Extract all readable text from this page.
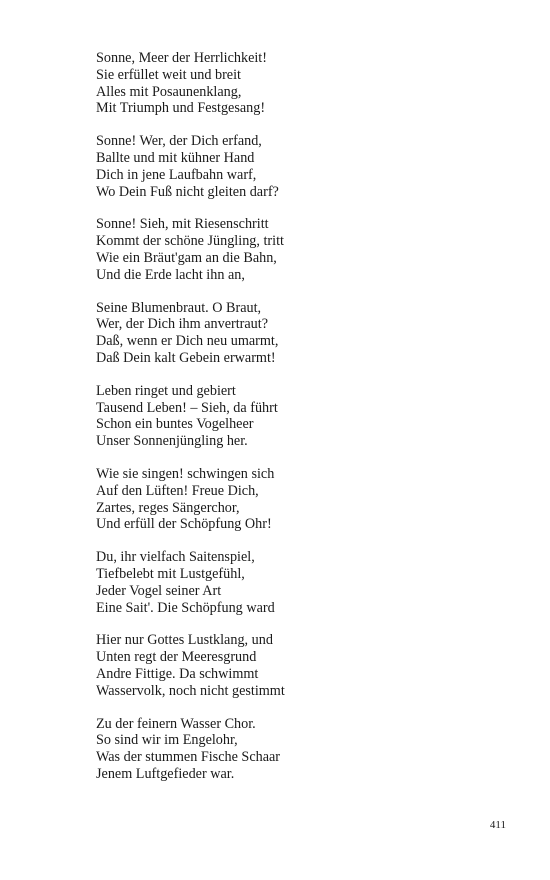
Sonne, Meer der Herrlichkeit!
Sie erfüllet weit und breit
Alles mit Posaunenklang,
Mit Triumph und Festgesang!
Sonne! Wer, der Dich erfand,
Ballte und mit kühner Hand
Dich in jene Laufbahn warf,
Wo Dein Fuß nicht gleiten darf?
Sonne! Sieh, mit Riesenschritt
Kommt der schöne Jüngling, tritt
Wie ein Bräut'gam an die Bahn,
Und die Erde lacht ihn an,
Seine Blumenbraut. O Braut,
Wer, der Dich ihm anvertraut?
Daß, wenn er Dich neu umarmt,
Daß Dein kalt Gebein erwarmt!
Leben ringet und gebiert
Tausend Leben! – Sieh, da führt
Schon ein buntes Vogelheer
Unser Sonnenjüngling her.
Wie sie singen! schwingen sich
Auf den Lüften! Freue Dich,
Zartes, reges Sängerchor,
Und erfüll der Schöpfung Ohr!
Du, ihr vielfach Saitenspiel,
Tiefbelebt mit Lustgefühl,
Jeder Vogel seiner Art
Eine Sait'. Die Schöpfung ward
Hier nur Gottes Lustklang, und
Unten regt der Meeresgrund
Andre Fittige. Da schwimmt
Wasservolk, noch nicht gestimmt
Zu der feinern Wasser Chor.
So sind wir im Engelohr,
Was der stummen Fische Schaar
Jenem Luftgefieder war.
411
